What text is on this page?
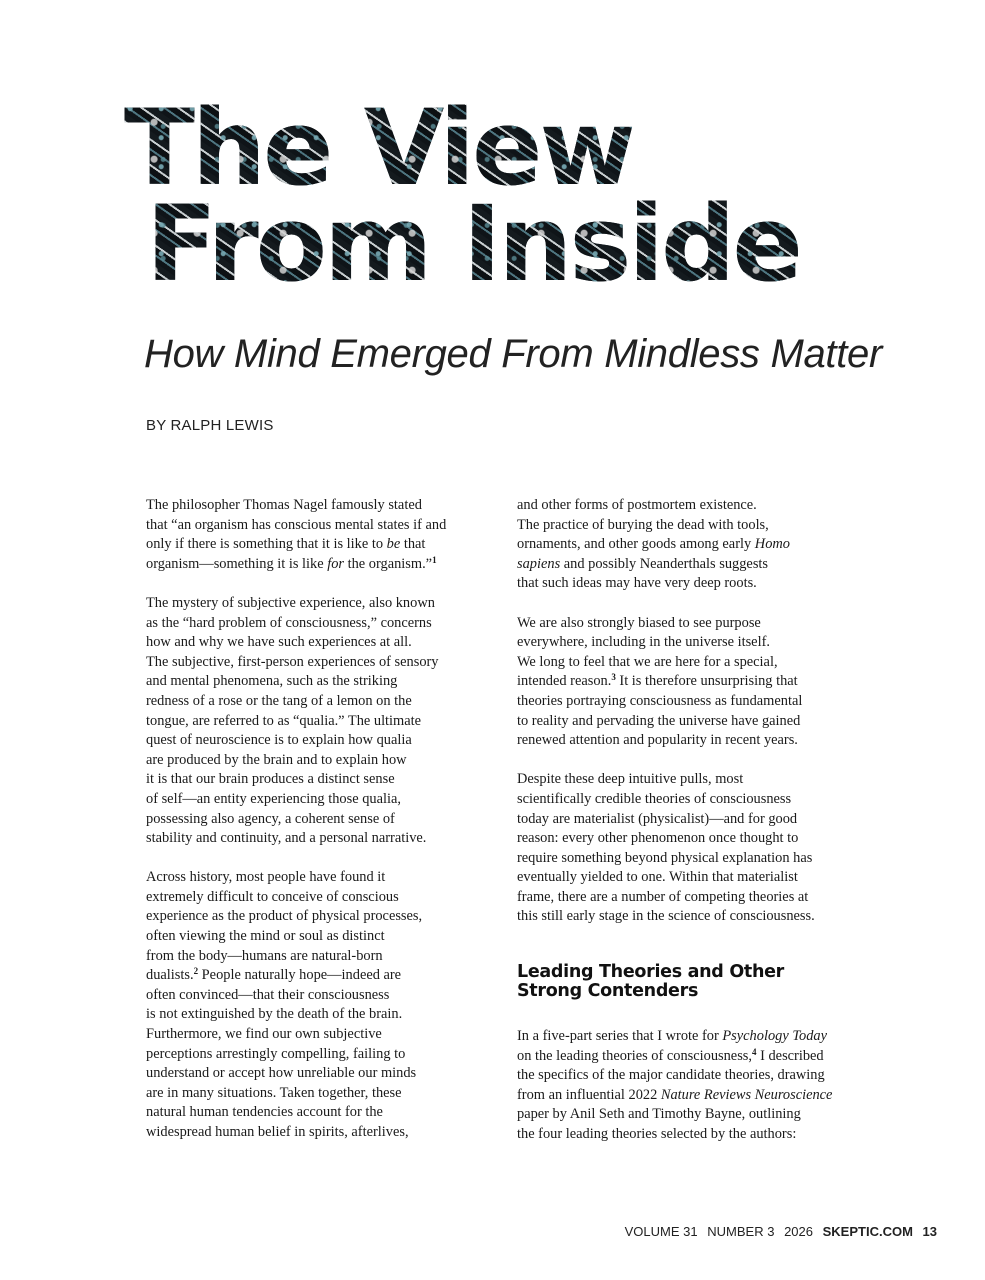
The View
From Inside
How Mind Emerged From Mindless Matter
BY RALPH LEWIS

The philosopher Thomas Nagel famously stated
that “an organism has conscious mental states if and
only if there is something that it is like to be that
organism—something it is like for the organism.”$^1$

The mystery of subjective experience, also known
as the “hard problem of consciousness,” concerns
how and why we have such experiences at all.
The subjective, first-person experiences of sensory
and mental phenomena, such as the striking
redness of a rose or the tang of a lemon on the
tongue, are referred to as “qualia.” The ultimate
quest of neuroscience is to explain how qualia
are produced by the brain and to explain how
it is that our brain produces a distinct sense
of self—an entity experiencing those qualia,
possessing also agency, a coherent sense of
stability and continuity, and a personal narrative.

Across history, most people have found it
extremely difficult to conceive of conscious
experience as the product of physical processes,
often viewing the mind or soul as distinct
from the body—humans are natural-born
dualists.$^2$ People naturally hope—indeed are
often convinced—that their consciousness
is not extinguished by the death of the brain.
Furthermore, we find our own subjective
perceptions arrestingly compelling, failing to
understand or accept how unreliable our minds
are in many situations. Taken together, these
natural human tendencies account for the
widespread human belief in spirits, afterlives,

and other forms of postmortem existence.
The practice of burying the dead with tools,
ornaments, and other goods among early Homo
sapiens and possibly Neanderthals suggests
that such ideas may have very deep roots.

We are also strongly biased to see purpose
everywhere, including in the universe itself.
We long to feel that we are here for a special,
intended reason.$^3$ It is therefore unsurprising that
theories portraying consciousness as fundamental
to reality and pervading the universe have gained
renewed attention and popularity in recent years.

Despite these deep intuitive pulls, most
scientifically credible theories of consciousness
today are materialist (physicalist)—and for good
reason: every other phenomenon once thought to
require something beyond physical explanation has
eventually yielded to one. Within that materialist
frame, there are a number of competing theories at
this still early stage in the science of consciousness.

Leading Theories and Other
Strong Contenders

In a five-part series that I wrote for Psychology Today
on the leading theories of consciousness,$^4$ I described
the specifics of the major candidate theories, drawing
from an influential 2022 Nature Reviews Neuroscience
paper by Anil Seth and Timothy Bayne, outlining
the four leading theories selected by the authors:

VOLUME 31 NUMBER 3 2026 SKEPTIC.COM 13
